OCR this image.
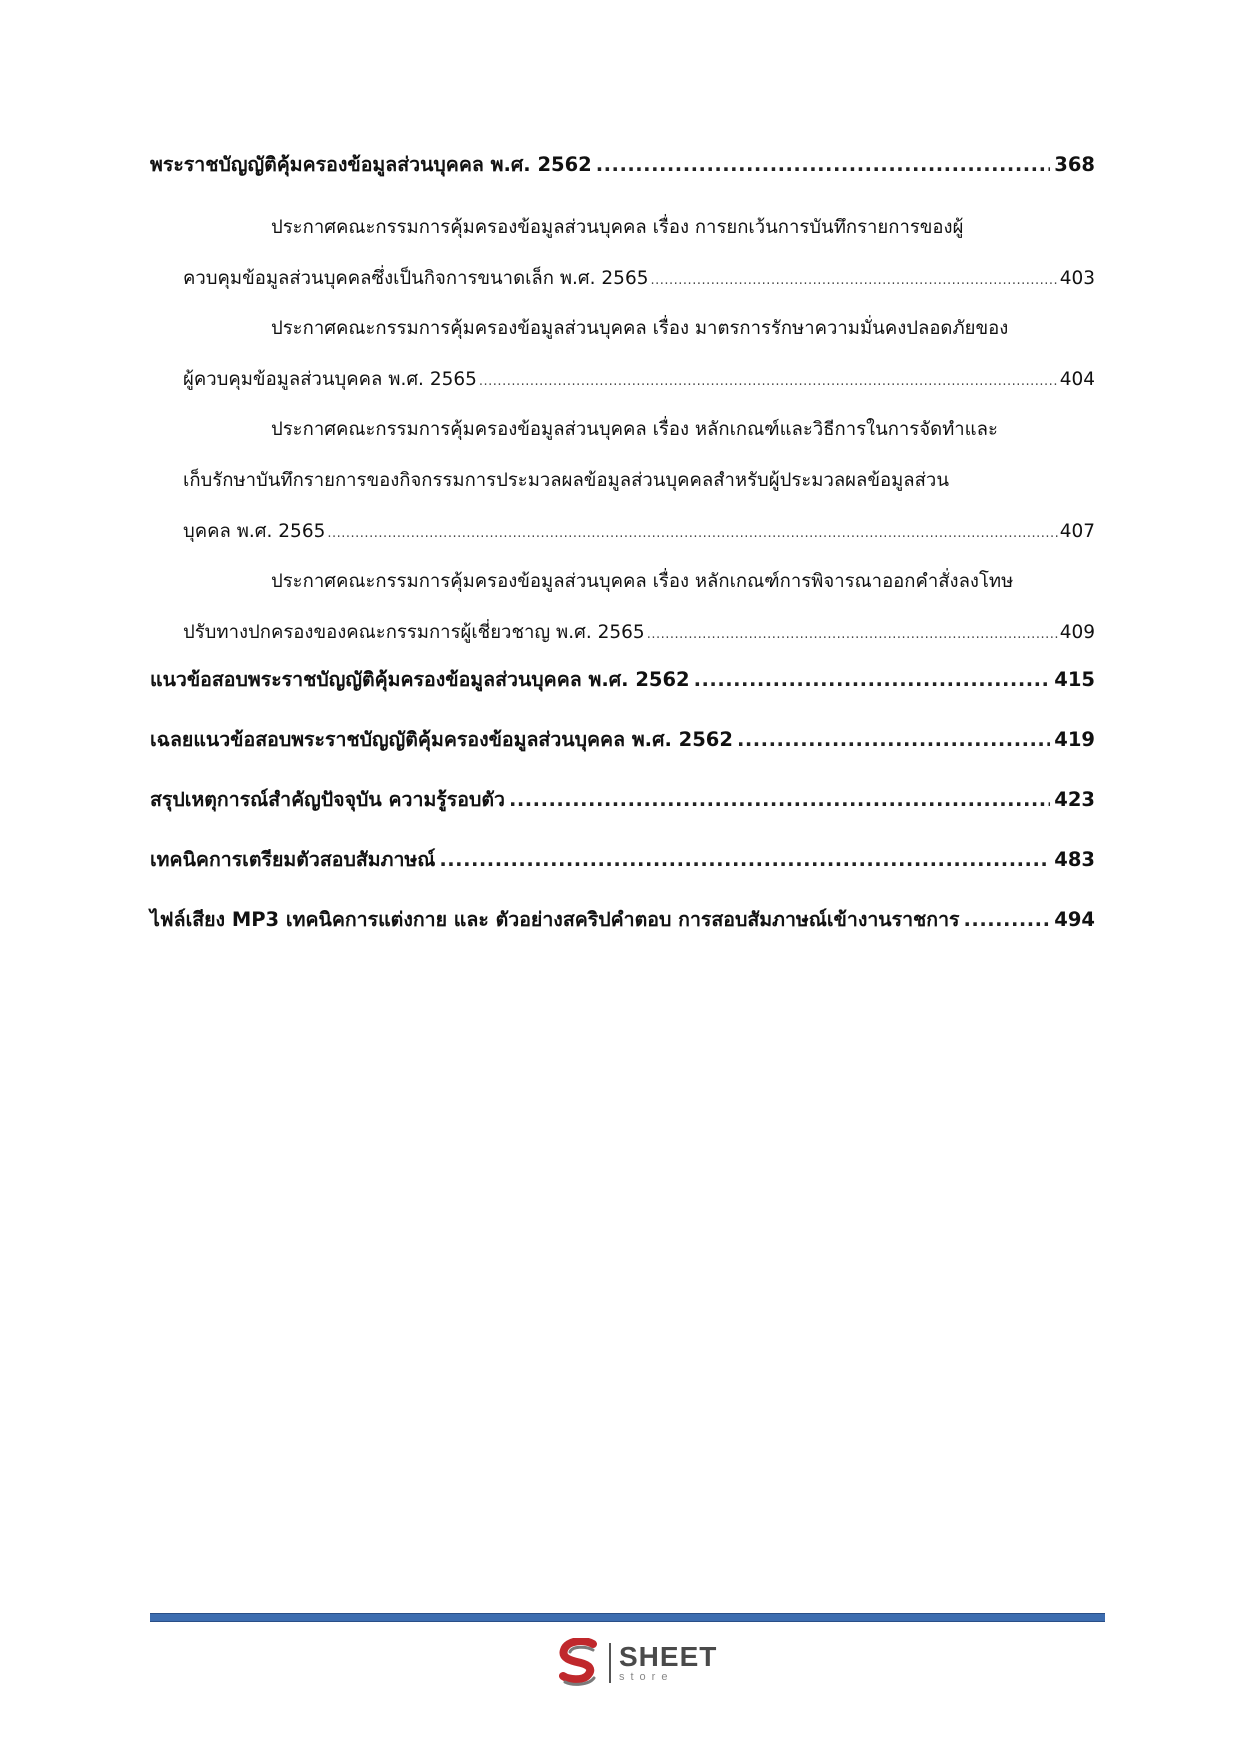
พระราชบัญญัติคุ้มครองข้อมูลส่วนบุคคล พ.ศ. 2562 .....	368
ประกาศคณะกรรมการคุ้มครองข้อมูลส่วนบุคคล เรื่อง การยกเว้นการบันทึกรายการของผู้
ควบคุมข้อมูลส่วนบุคคลซึ่งเป็นกิจการขนาดเล็ก พ.ศ. 2565 .....	403
ประกาศคณะกรรมการคุ้มครองข้อมูลส่วนบุคคล เรื่อง มาตรการรักษาความมั่นคงปลอดภัยของ
ผู้ควบคุมข้อมูลส่วนบุคคล พ.ศ. 2565 .....	404
ประกาศคณะกรรมการคุ้มครองข้อมูลส่วนบุคคล เรื่อง หลักเกณฑ์และวิธีการในการจัดทำและ
เก็บรักษาบันทึกรายการของกิจกรรมการประมวลผลข้อมูลส่วนบุคคลสำหรับผู้ประมวลผลข้อมูลส่วน
บุคคล พ.ศ. 2565 .....	407
ประกาศคณะกรรมการคุ้มครองข้อมูลส่วนบุคคล เรื่อง หลักเกณฑ์การพิจารณาออกคำสั่งลงโทษ
ปรับทางปกครองของคณะกรรมการผู้เชี่ยวชาญ พ.ศ. 2565 .....	409
แนวข้อสอบพระราชบัญญัติคุ้มครองข้อมูลส่วนบุคคล พ.ศ. 2562 .....	415
เฉลยแนวข้อสอบพระราชบัญญัติคุ้มครองข้อมูลส่วนบุคคล พ.ศ. 2562 .....	419
สรุปเหตุการณ์สำคัญปัจจุบัน ความรู้รอบตัว .....	423
เทคนิคการเตรียมตัวสอบสัมภาษณ์ .....	483
ไฟล์เสียง MP3 เทคนิคการแต่งกาย และ ตัวอย่างสคริปคำตอบ การสอบสัมภาษณ์เข้างานราชการ .....	494
SHEET
store
